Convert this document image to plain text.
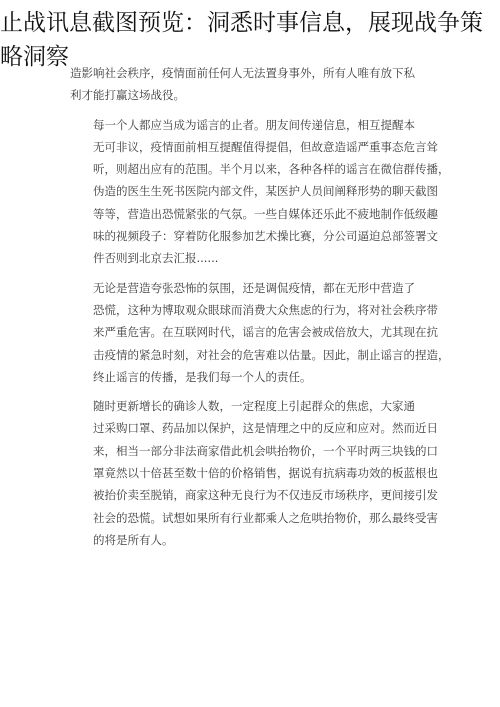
止战讯息截图预览：洞悉时事信息，展现战争策略洞察

造影响社会秩序，疫情面前任何人无法置身事外，所有人唯有放下私
利才能打赢这场战役。

每一个人都应当成为谣言的止者。朋友间传递信息，相互提醒本
无可非议，疫情面前相互提醒值得提倡，但故意造谣严重事态危言耸
听，则超出应有的范围。半个月以来，各种各样的谣言在微信群传播，
伪造的医生生死书医院内部文件，某医护人员间阐释形势的聊天截图
等等，营造出恐慌紧张的气氛。一些自媒体还乐此不疲地制作低级趣
味的视频段子：穿着防化服参加艺术操比赛，分公司逼迫总部签署文
件否则到北京去汇报......

无论是营造夸张恐怖的氛围，还是调侃疫情，都在无形中营造了
恐慌，这种为博取观众眼球而消费大众焦虑的行为，将对社会秩序带
来严重危害。在互联网时代，谣言的危害会被成倍放大，尤其现在抗
击疫情的紧急时刻，对社会的危害难以估量。因此，制止谣言的捏造，
终止谣言的传播，是我们每一个人的责任。

随时更新增长的确诊人数，一定程度上引起群众的焦虑，大家通
过采购口罩、药品加以保护，这是情理之中的反应和应对。然而近日
来，相当一部分非法商家借此机会哄抬物价，一个平时两三块钱的口
罩竟然以十倍甚至数十倍的价格销售，据说有抗病毒功效的板蓝根也
被抬价卖至脱销，商家这种无良行为不仅违反市场秩序，更间接引发
社会的恐慌。试想如果所有行业都乘人之危哄抬物价，那么最终受害
的将是所有人。
